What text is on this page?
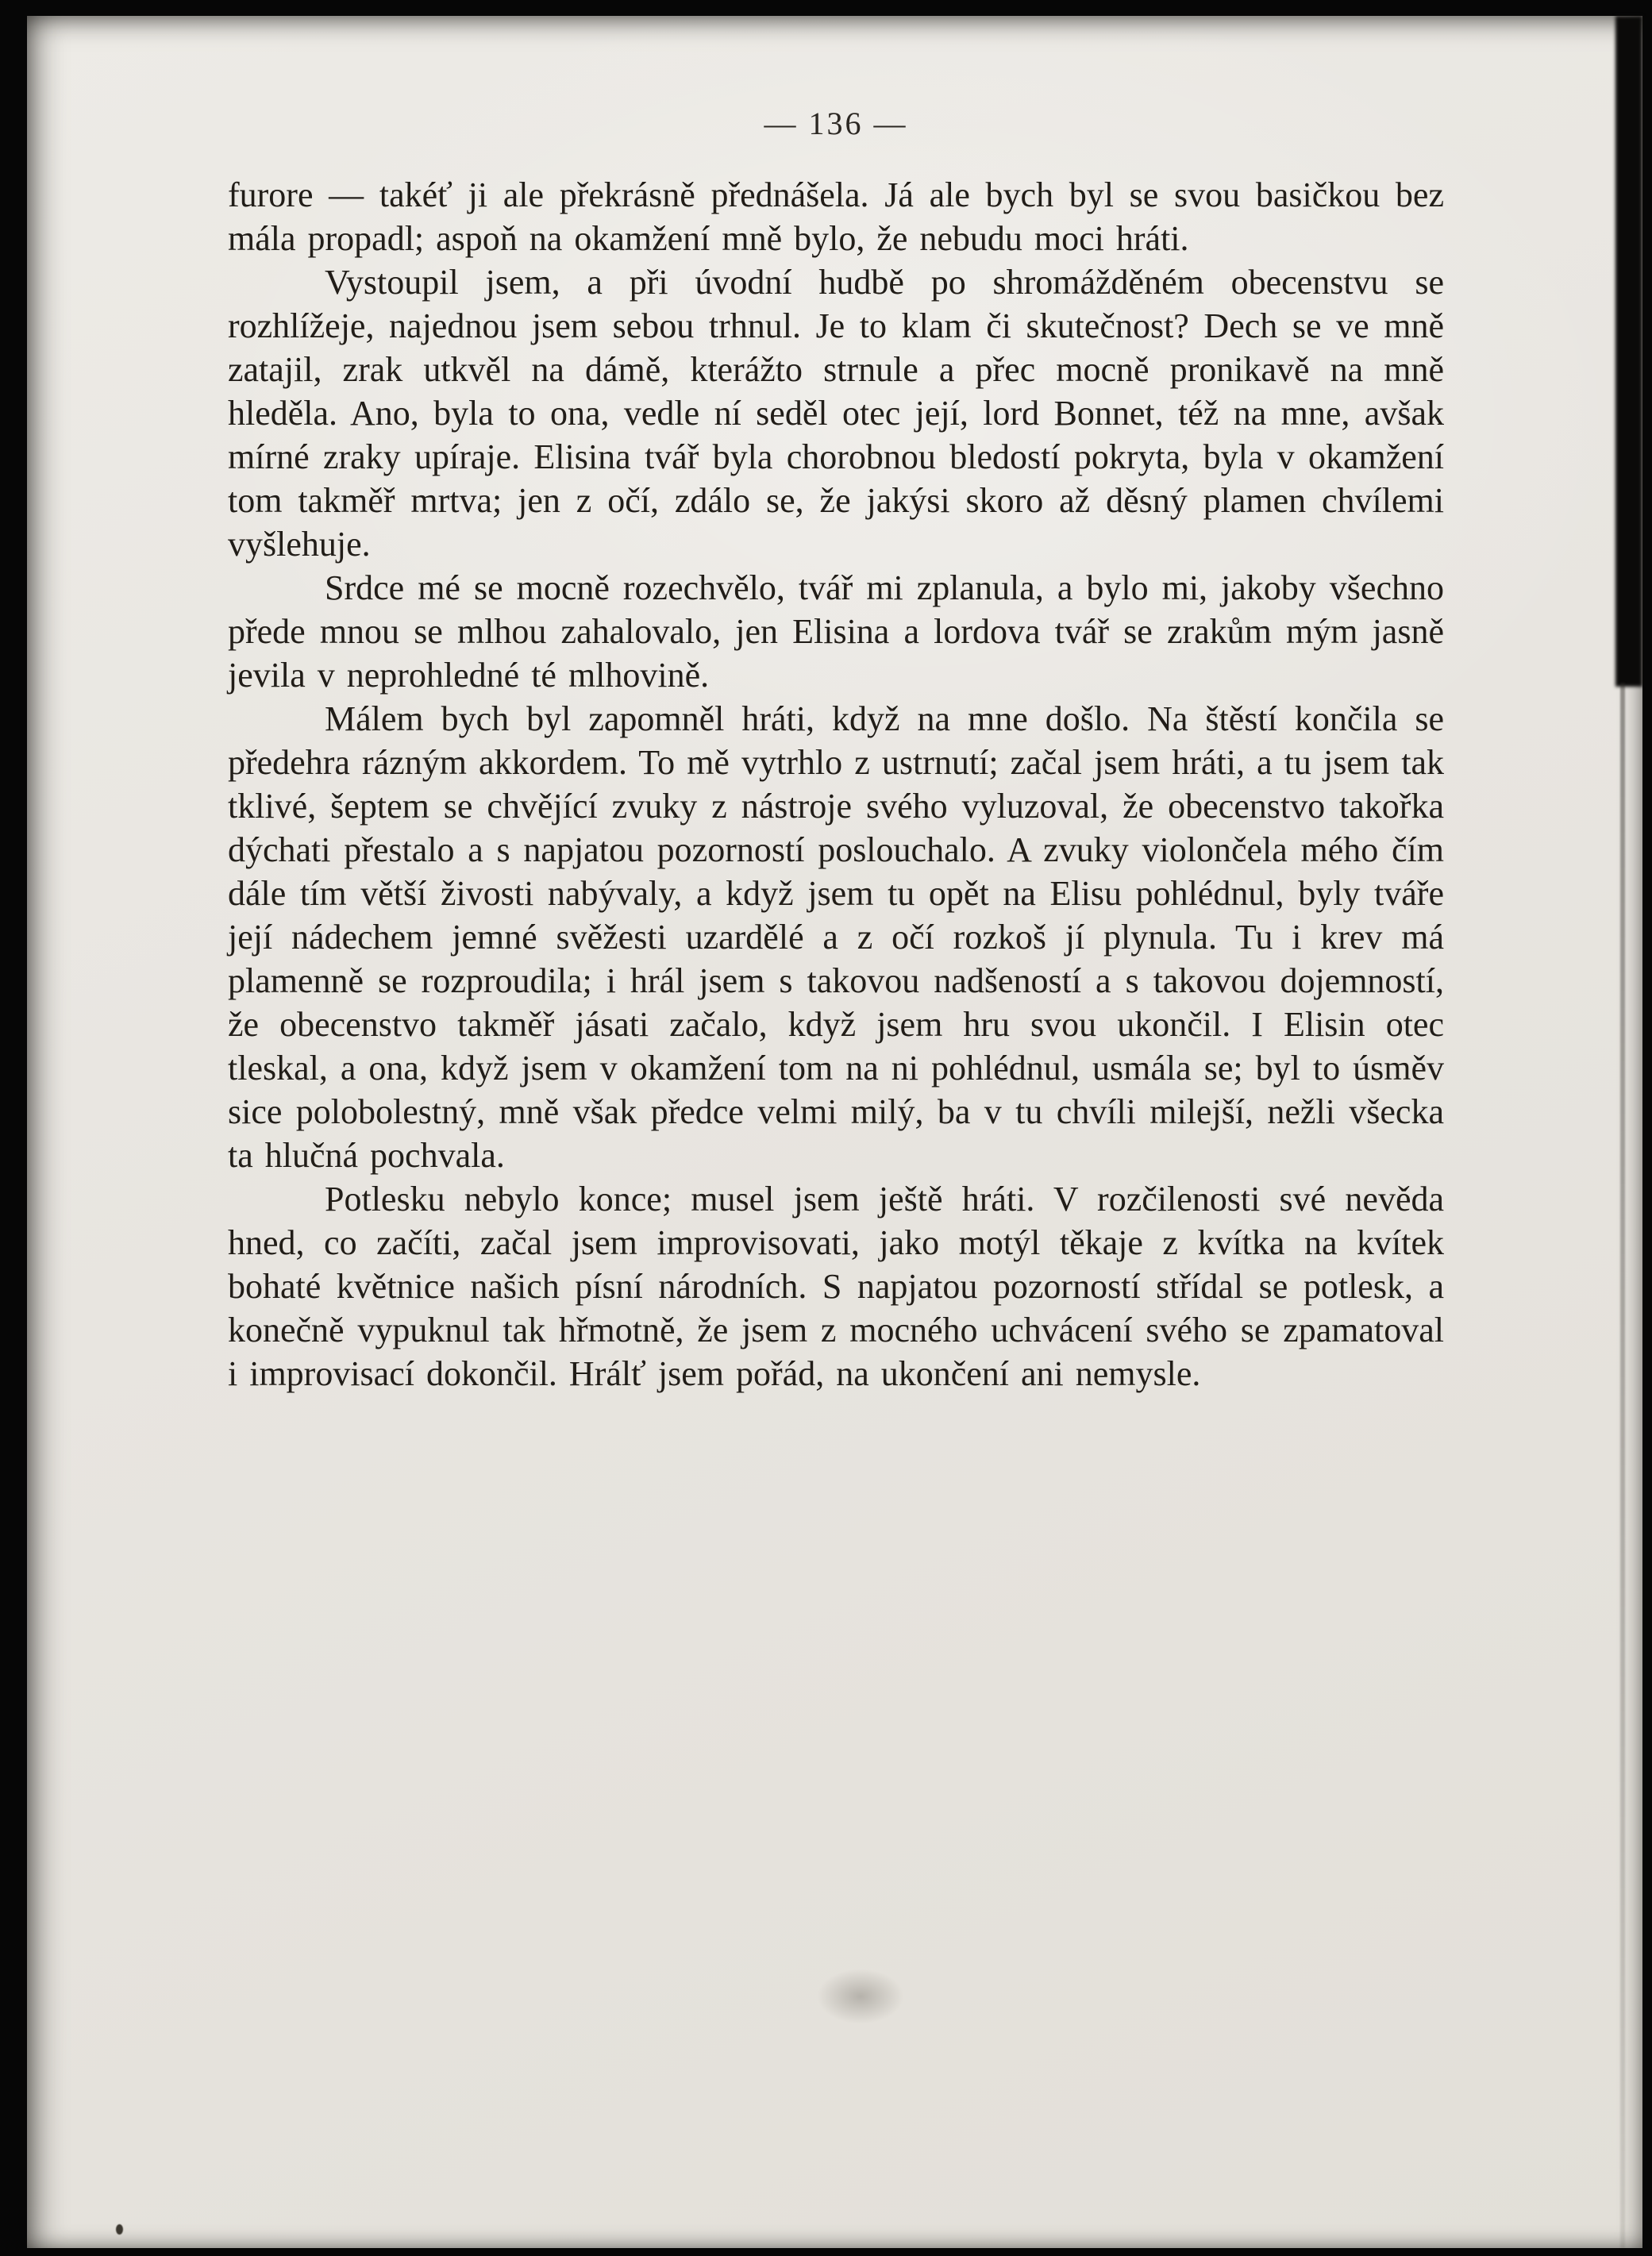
— 136 —

furore — takéť ji ale překrásně přednášela. Já ale bych byl se svou basičkou bez mála propadl; aspoň na okamžení mně bylo, že nebudu moci hráti.

Vystoupil jsem, a při úvodní hudbě po shromážděném obecenstvu se rozhlížeje, najednou jsem sebou trhnul. Je to klam či skutečnost? Dech se ve mně zatajil, zrak utkvěl na dámě, kterážto strnule a přec mocně pronikavě na mně hleděla. Ano, byla to ona, vedle ní seděl otec její, lord Bonnet, též na mne, avšak mírné zraky upíraje. Elisina tvář byla chorobnou bledostí pokryta, byla v okamžení tom takměř mrtva; jen z očí, zdálo se, že jakýsi skoro až děsný plamen chvílemi vyšlehuje.

Srdce mé se mocně rozechvělo, tvář mi zplanula, a bylo mi, jakoby všechno přede mnou se mlhou zahalovalo, jen Elisina a lordova tvář se zrakům mým jasně jevila v neprohledné té mlhovině.

Málem bych byl zapomněl hráti, když na mne došlo. Na štěstí končila se předehra rázným akkordem. To mě vytrhlo z ustrnutí; začal jsem hráti, a tu jsem tak tklivé, šeptem se chvějící zvuky z nástroje svého vyluzoval, že obecenstvo takořka dýchati přestalo a s napjatou pozorností poslouchalo. A zvuky violončela mého čím dále tím větší živosti nabývaly, a když jsem tu opět na Elisu pohlédnul, byly tváře její nádechem jemné svěžesti uzardělé a z očí rozkoš jí plynula. Tu i krev má plamenně se rozproudila; i hrál jsem s takovou nadšeností a s takovou dojemností, že obecenstvo takměř jásati začalo, když jsem hru svou ukončil. I Elisin otec tleskal, a ona, když jsem v okamžení tom na ni pohlédnul, usmála se; byl to úsměv sice polobolestný, mně však předce velmi milý, ba v tu chvíli milejší, nežli všecka ta hlučná pochvala.

Potlesku nebylo konce; musel jsem ještě hráti. V rozčilenosti své nevěda hned, co začíti, začal jsem improvisovati, jako motýl těkaje z kvítka na kvítek bohaté květnice našich písní národních. S napjatou pozorností střídal se potlesk, a konečně vypuknul tak hřmotně, že jsem z mocného uchvácení svého se zpamatoval i improvisací dokončil. Hrálť jsem pořád, na ukončení ani nemysle.
